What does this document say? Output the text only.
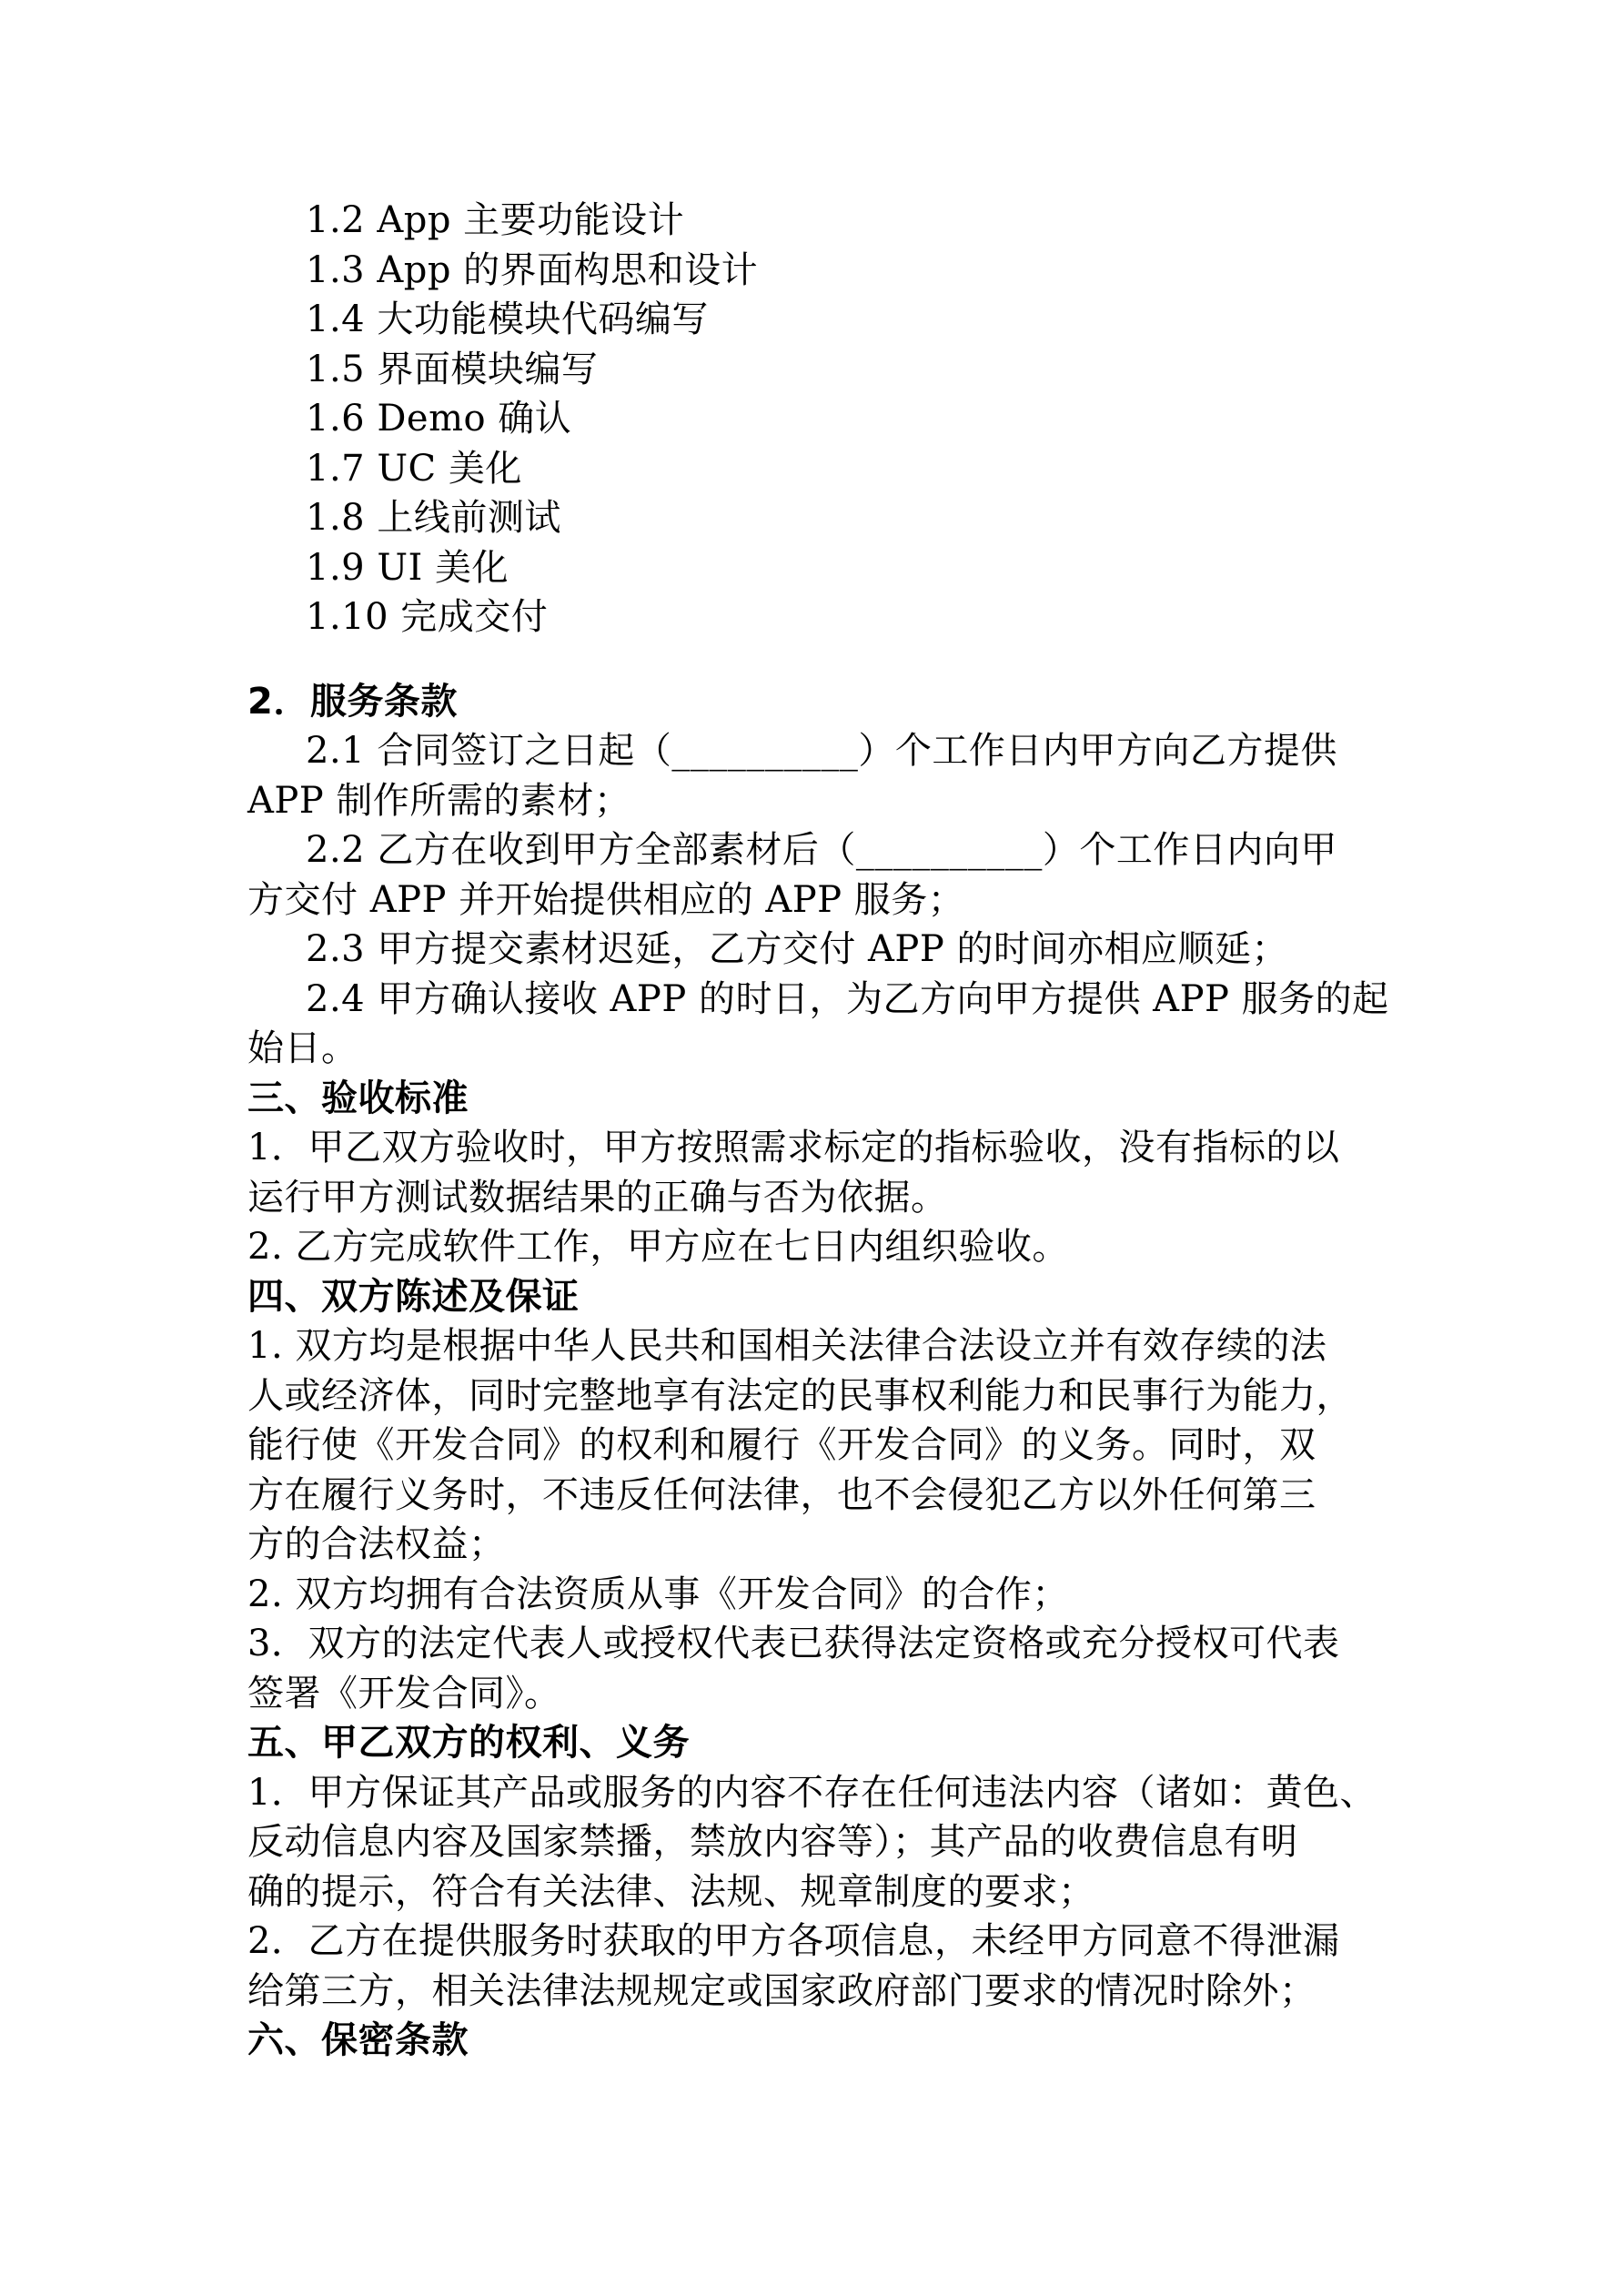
1.2 App 主要功能设计
1.3 App 的界面构思和设计
1.4 大功能模块代码编写
1.5 界面模块编写
1.6 Demo 确认
1.7 UC 美化
1.8 上线前测试
1.9 UI 美化
1.10 完成交付
2．服务条款
2.1 合同签订之日起（__________）个工作日内甲方向乙方提供
APP 制作所需的素材；
2.2 乙方在收到甲方全部素材后（__________）个工作日内向甲
方交付 APP 并开始提供相应的 APP 服务；
2.3 甲方提交素材迟延，乙方交付 APP 的时间亦相应顺延；
2.4 甲方确认接收 APP 的时日，为乙方向甲方提供 APP 服务的起
始日。
三、验收标准
1．甲乙双方验收时，甲方按照需求标定的指标验收，没有指标的以
运行甲方测试数据结果的正确与否为依据。
2. 乙方完成软件工作，甲方应在七日内组织验收。
四、双方陈述及保证
1. 双方均是根据中华人民共和国相关法律合法设立并有效存续的法
人或经济体，同时完整地享有法定的民事权利能力和民事行为能力，
能行使《开发合同》的权利和履行《开发合同》的义务。同时，双
方在履行义务时，不违反任何法律，也不会侵犯乙方以外任何第三
方的合法权益；
2. 双方均拥有合法资质从事《开发合同》的合作；
3．双方的法定代表人或授权代表已获得法定资格或充分授权可代表
签署《开发合同》。
五、甲乙双方的权利、义务
1．甲方保证其产品或服务的内容不存在任何违法内容（诸如：黄色、
反动信息内容及国家禁播，禁放内容等）；其产品的收费信息有明
确的提示，符合有关法律、法规、规章制度的要求；
2．乙方在提供服务时获取的甲方各项信息，未经甲方同意不得泄漏
给第三方，相关法律法规规定或国家政府部门要求的情况时除外；
六、保密条款
